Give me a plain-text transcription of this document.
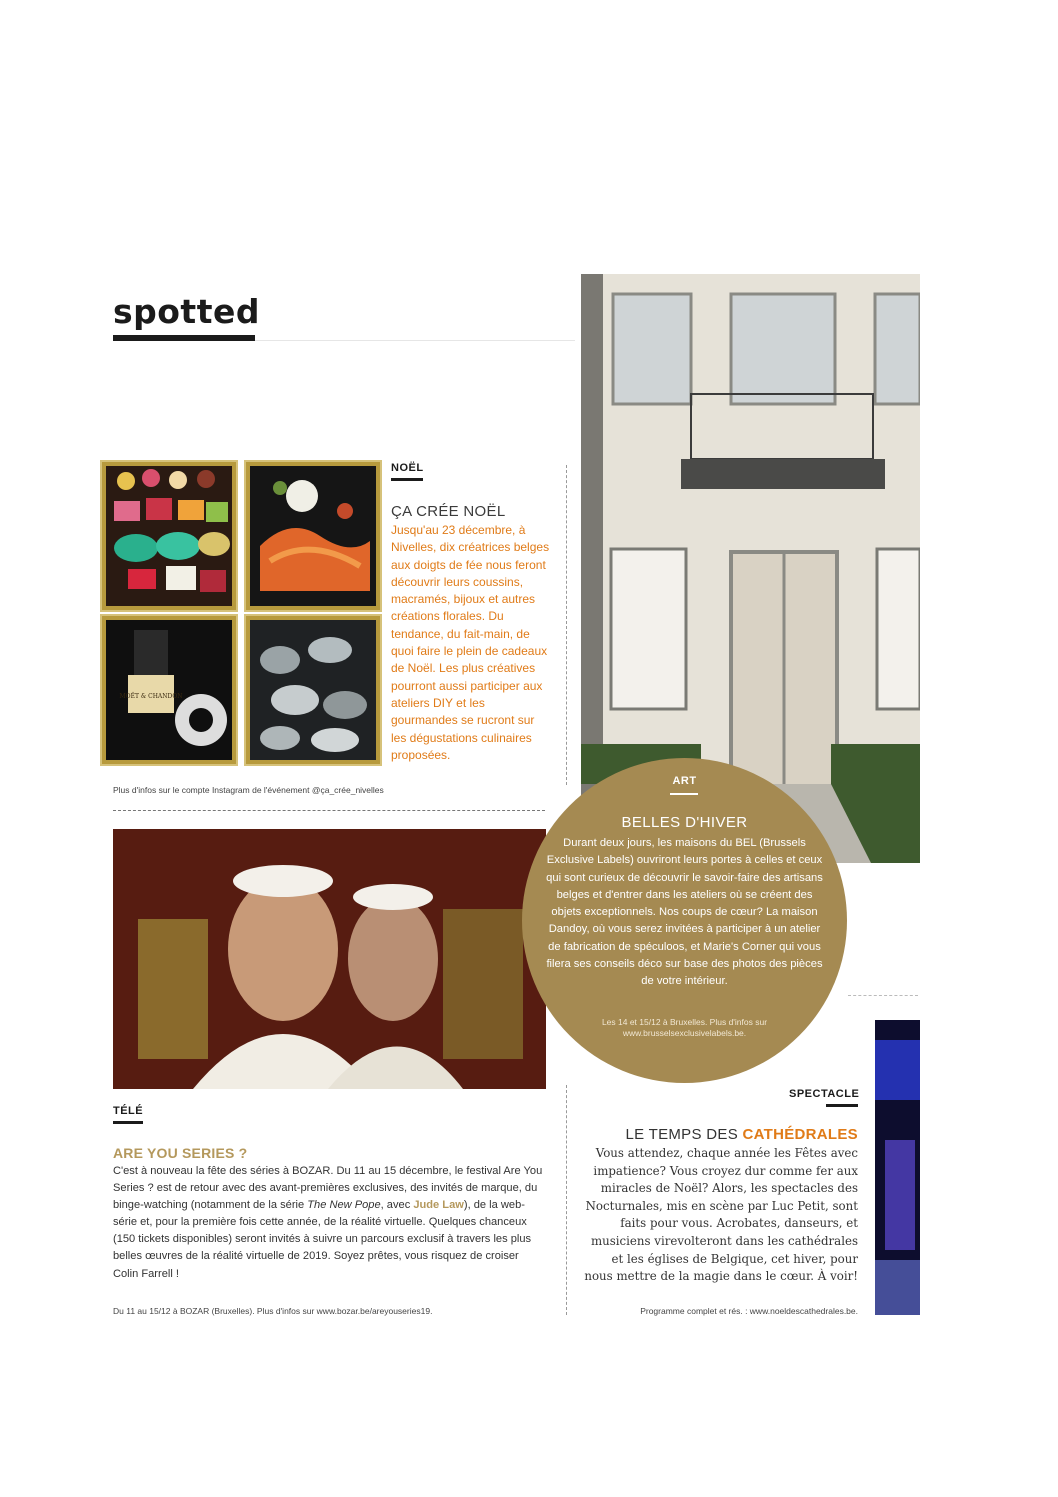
spotted
MOËT & CHANDON
NOËL
ÇA CRÉE NOËL
Jusqu'au 23 décembre, à Nivelles, dix créatrices belges aux doigts de fée nous feront découvrir leurs coussins, macramés, bijoux et autres créations florales. Du tendance, du fait-main, de quoi faire le plein de cadeaux de Noël. Les plus créatives pourront aussi participer aux ateliers DIY et les gourmandes se rucront sur les dégustations culinaires proposées.
Plus d'infos sur le compte Instagram de l'événement @ça_crée_nivelles
ART
BELLES D'HIVER
Durant deux jours, les maisons du BEL (Brussels Exclusive Labels) ouvriront leurs portes à celles et ceux qui sont curieux de découvrir le savoir-faire des artisans belges et d'entrer dans les ateliers où se créent des objets exceptionnels. Nos coups de cœur? La maison Dandoy, où vous serez invitées à participer à un atelier de fabrication de spéculoos, et Marie's Corner qui vous filera ses conseils déco sur base des photos des pièces de votre intérieur.
Les 14 et 15/12 à Bruxelles. Plus d'infos sur www.brusselsexclusivelabels.be.
TÉLÉ
ARE YOU SERIES ?
C'est à nouveau la fête des séries à BOZAR. Du 11 au 15 décembre, le festival Are You Series ? est de retour avec des avant-premières exclusives, des invités de marque, du binge-watching (notamment de la série The New Pope, avec Jude Law), de la web-série et, pour la première fois cette année, de la réalité virtuelle. Quelques chanceux (150 tickets disponibles) seront invités à suivre un parcours exclusif à travers les plus belles œuvres de la réalité virtuelle de 2019. Soyez prêtes, vous risquez de croiser Colin Farrell !
Du 11 au 15/12 à BOZAR (Bruxelles). Plus d'infos sur www.bozar.be/areyouseries19.
SPECTACLE
LE TEMPS DES CATHÉDRALES
Vous attendez, chaque année les Fêtes avec impatience? Vous croyez dur comme fer aux miracles de Noël? Alors, les spectacles des Nocturnales, mis en scène par Luc Petit, sont faits pour vous. Acrobates, danseurs, et musiciens virevolteront dans les cathédrales et les églises de Belgique, cet hiver, pour nous mettre de la magie dans le cœur. À voir!
Programme complet et rés. : www.noeldescathedrales.be.
